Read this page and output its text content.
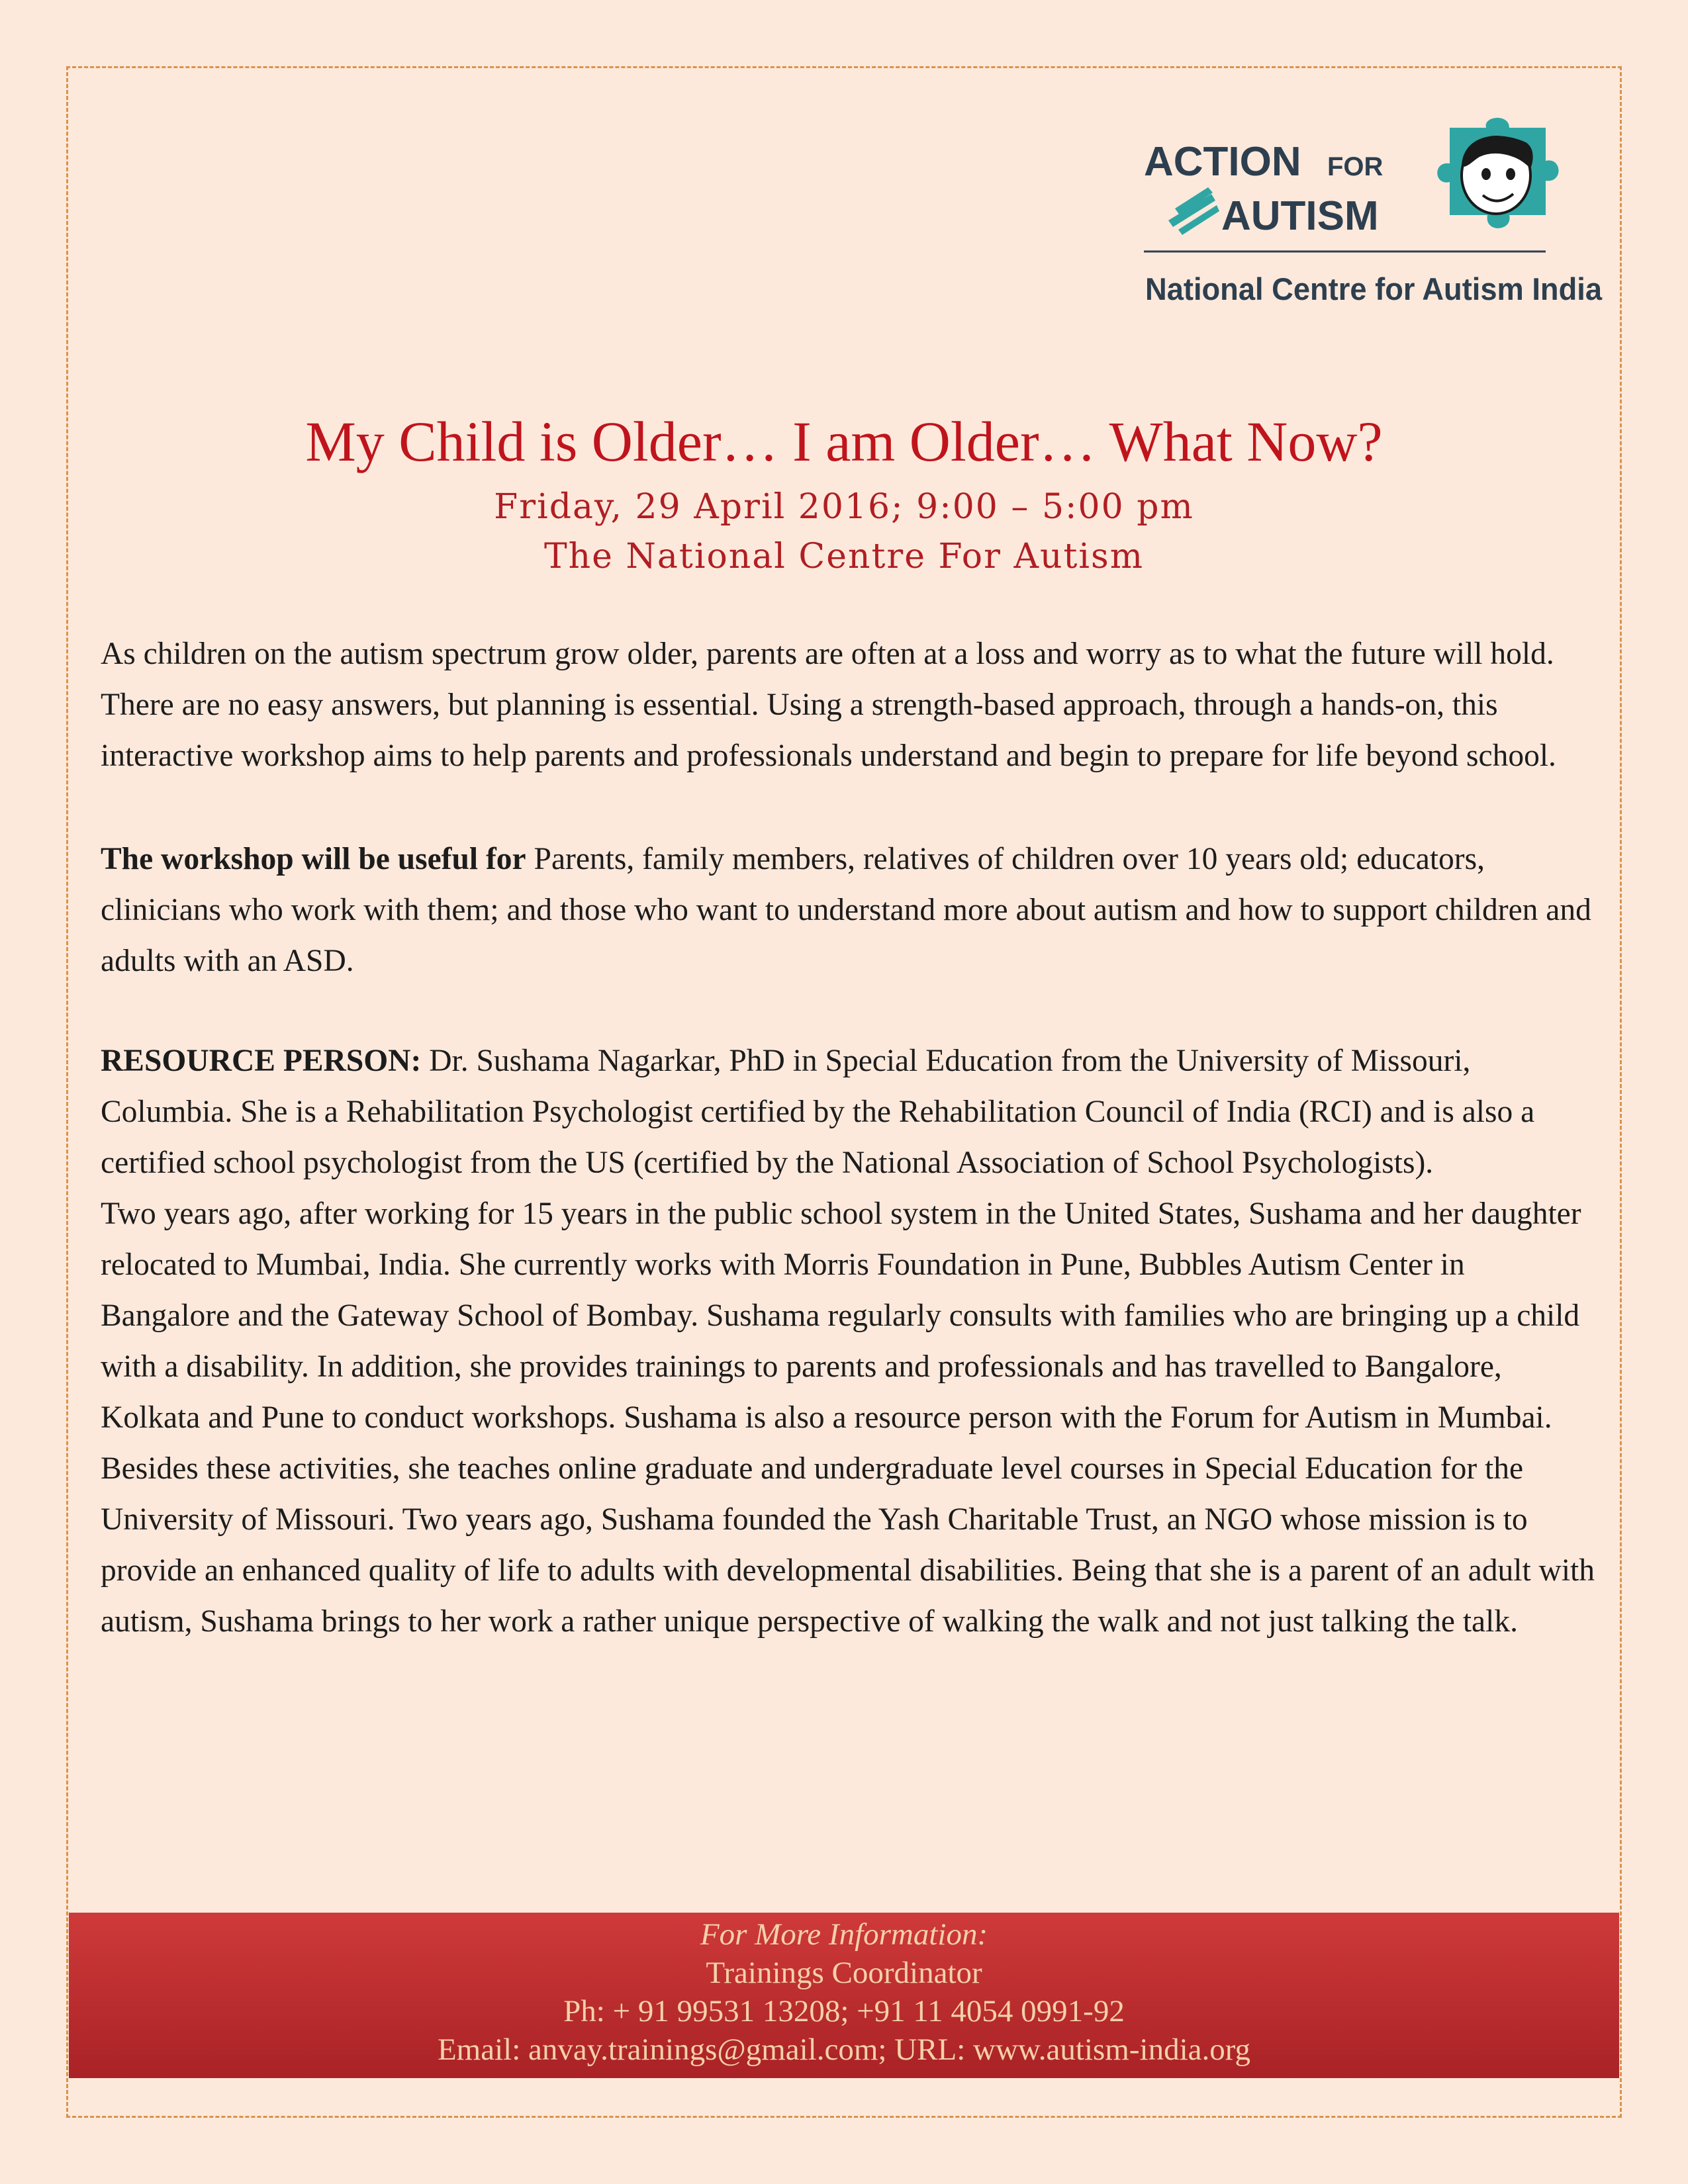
ACTION FOR
AUTISM
National Centre for Autism India
My Child is Older… I am Older… What Now?
Friday, 29 April 2016; 9:00 – 5:00 pm
The National Centre For Autism

As children on the autism spectrum grow older, parents are often at a loss and worry as to what the future will hold. There are no easy answers, but planning is essential. Using a strength-based approach, through a hands-on, this interactive workshop aims to help parents and professionals understand and begin to prepare for life beyond school.

The workshop will be useful for Parents, family members, relatives of children over 10 years old; educators, clinicians who work with them; and those who want to understand more about autism and how to support children and adults with an ASD.

RESOURCE PERSON: Dr. Sushama Nagarkar, PhD in Special Education from the University of Missouri, Columbia. She is a Rehabilitation Psychologist certified by the Rehabilitation Council of India (RCI) and is also a certified school psychologist from the US (certified by the National Association of School Psychologists).
Two years ago, after working for 15 years in the public school system in the United States, Sushama and her daughter relocated to Mumbai, India. She currently works with Morris Foundation in Pune, Bubbles Autism Center in Bangalore and the Gateway School of Bombay. Sushama regularly consults with families who are bringing up a child with a disability. In addition, she provides trainings to parents and professionals and has travelled to Bangalore, Kolkata and Pune to conduct workshops. Sushama is also a resource person with the Forum for Autism in Mumbai.
Besides these activities, she teaches online graduate and undergraduate level courses in Special Education for the University of Missouri. Two years ago, Sushama founded the Yash Charitable Trust, an NGO whose mission is to provide an enhanced quality of life to adults with developmental disabilities. Being that she is a parent of an adult with autism, Sushama brings to her work a rather unique perspective of walking the walk and not just talking the talk.
For More Information:
Trainings Coordinator
Ph: + 91 99531 13208; +91 11 4054 0991-92
Email: anvay.trainings@gmail.com; URL: www.autism-india.org
